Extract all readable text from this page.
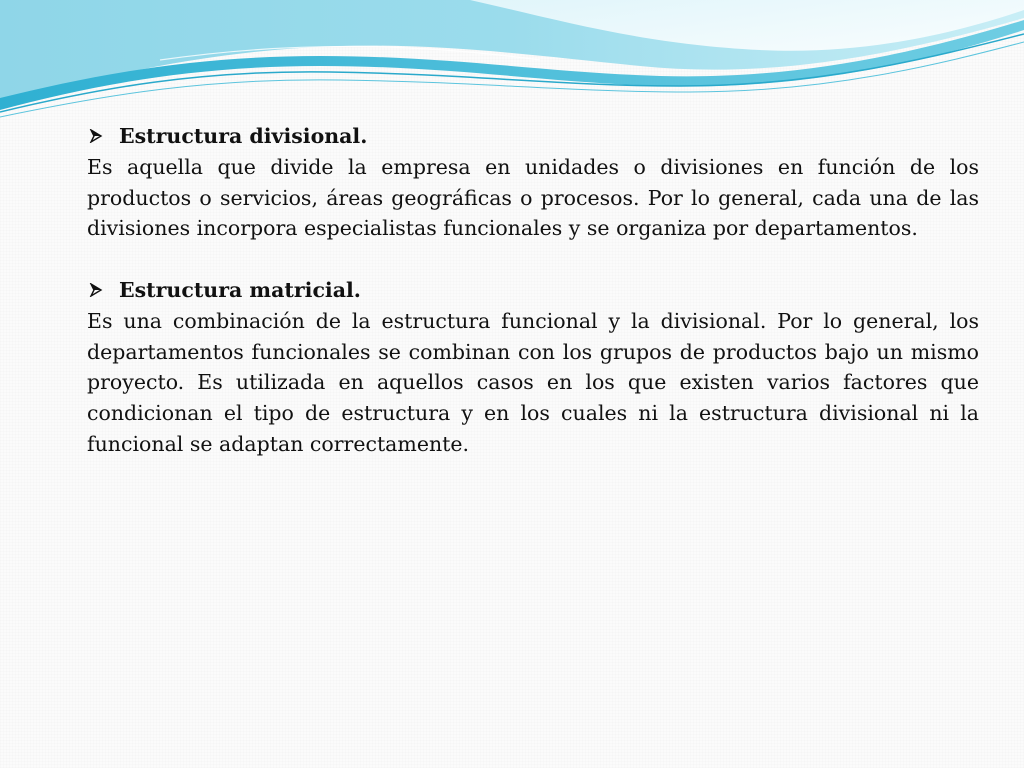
Estructura divisional.

Es aquella que divide la empresa en unidades o divisiones en función de los productos o servicios, áreas geográficas o procesos. Por lo general, cada una de las divisiones incorpora especialistas funcionales y se organiza por departamentos.

Estructura matricial.

Es una combinación de la estructura funcional y la divisional. Por lo general, los departamentos funcionales se combinan con los grupos de productos bajo un mismo proyecto. Es utilizada en aquellos casos en los que existen varios factores que condicionan el tipo de estructura y en los cuales ni la estructura divisional ni la funcional se adaptan correctamente.
